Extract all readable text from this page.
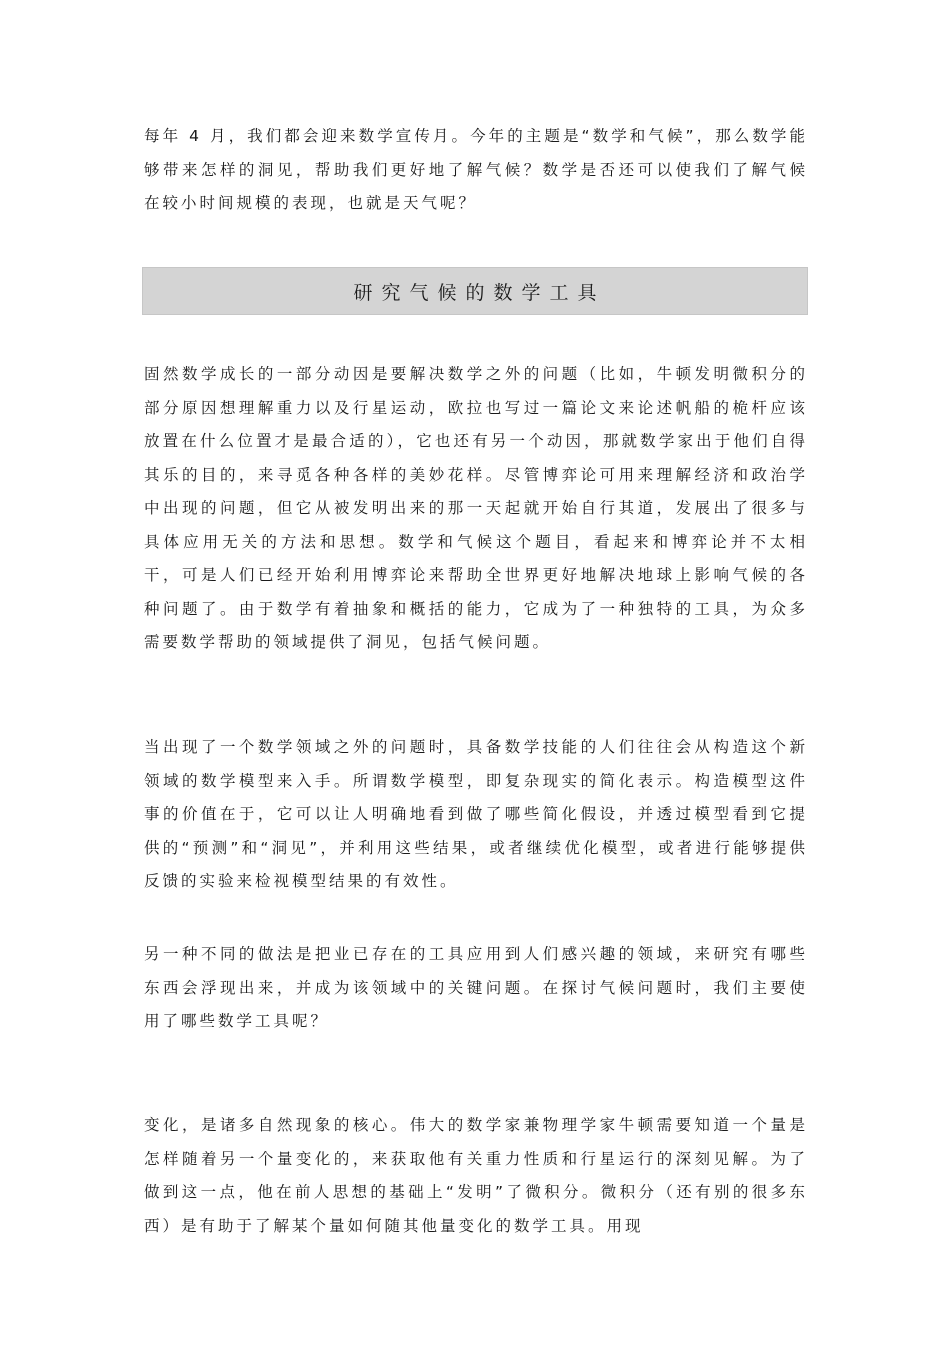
每年 4 月，我们都会迎来数学宣传月。今年的主题是“数学和气候”，那么数学能够带来怎样的洞见，帮助我们更好地了解气候？数学是否还可以使我们了解气候在较小时间规模的表现，也就是天气呢？

研究气候的数学工具

固然数学成长的一部分动因是要解决数学之外的问题（比如，牛顿发明微积分的部分原因想理解重力以及行星运动，欧拉也写过一篇论文来论述帆船的桅杆应该放置在什么位置才是最合适的），它也还有另一个动因，那就数学家出于他们自得其乐的目的，来寻觅各种各样的美妙花样。尽管博弈论可用来理解经济和政治学中出现的问题，但它从被发明出来的那一天起就开始自行其道，发展出了很多与具体应用无关的方法和思想。数学和气候这个题目，看起来和博弈论并不太相干，可是人们已经开始利用博弈论来帮助全世界更好地解决地球上影响气候的各种问题了。由于数学有着抽象和概括的能力，它成为了一种独特的工具，为众多需要数学帮助的领域提供了洞见，包括气候问题。

当出现了一个数学领域之外的问题时，具备数学技能的人们往往会从构造这个新领域的数学模型来入手。所谓数学模型，即复杂现实的简化表示。构造模型这件事的价值在于，它可以让人明确地看到做了哪些简化假设，并透过模型看到它提供的“预测”和“洞见”，并利用这些结果，或者继续优化模型，或者进行能够提供反馈的实验来检视模型结果的有效性。

另一种不同的做法是把业已存在的工具应用到人们感兴趣的领域，来研究有哪些东西会浮现出来，并成为该领域中的关键问题。在探讨气候问题时，我们主要使用了哪些数学工具呢？

变化，是诸多自然现象的核心。伟大的数学家兼物理学家牛顿需要知道一个量是怎样随着另一个量变化的，来获取他有关重力性质和行星运行的深刻见解。为了做到这一点，他在前人思想的基础上“发明”了微积分。微积分（还有别的很多东西）是有助于了解某个量如何随其他量变化的数学工具。用现
